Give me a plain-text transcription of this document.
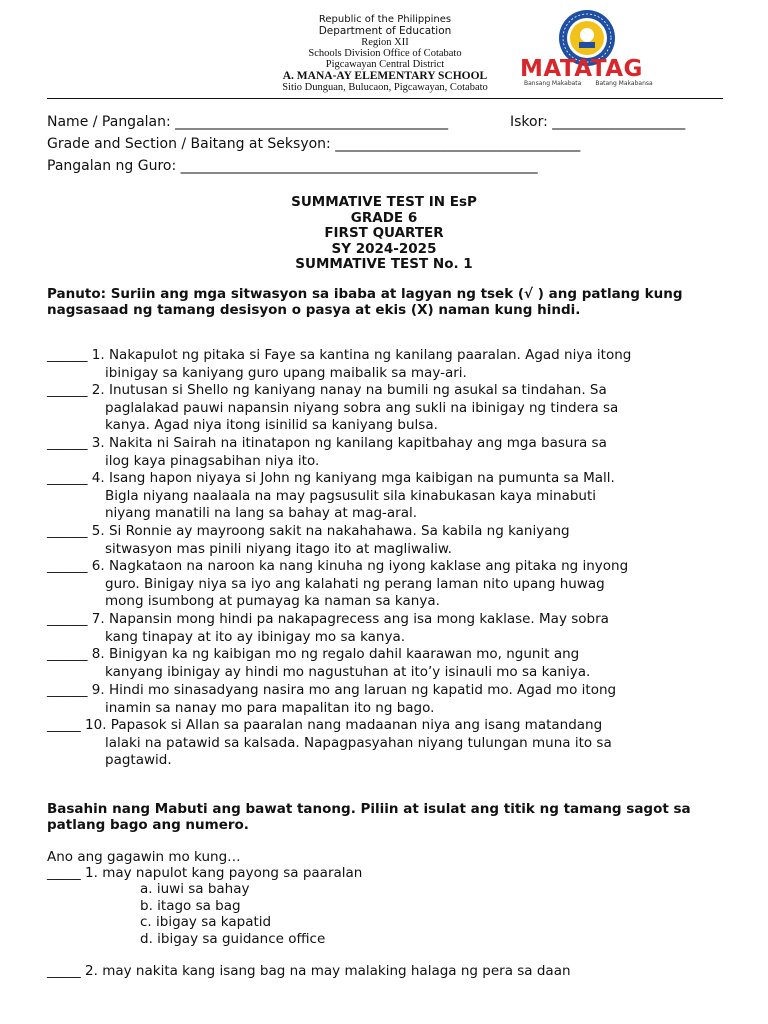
Republic of the Philippines
Department of Education
Region XII
Schools Division Office of Cotabato
Pigcawayan Central District
A. MANA-AY ELEMENTARY SCHOOL
Sitio Dunguan, Bulucaon, Pigcawayan, Cotabato
MATATAG
Bansang Makabata Batang Makabansa
Name / Pangalan: _______________________________________	Iskor: ___________________
Grade and Section / Baitang at Seksyon: ___________________________________
Pangalan ng Guro: ___________________________________________________
SUMMATIVE TEST IN EsP
GRADE 6
FIRST QUARTER
SY 2024-2025
SUMMATIVE TEST No. 1
Panuto: Suriin ang mga sitwasyon sa ibaba at lagyan ng tsek (√ ) ang patlang kung nagsasaad ng tamang desisyon o pasya at ekis (X) naman kung hindi.
______ 1. Nakapulot ng pitaka si Faye sa kantina ng kanilang paaralan. Agad niya itong
ibinigay sa kaniyang guro upang maibalik sa may-ari.
______ 2. Inutusan si Shello ng kaniyang nanay na bumili ng asukal sa tindahan. Sa
paglalakad pauwi napansin niyang sobra ang sukli na ibinigay ng tindera sa
kanya. Agad niya itong isinilid sa kaniyang bulsa.
______ 3. Nakita ni Sairah na itinatapon ng kanilang kapitbahay ang mga basura sa
ilog kaya pinagsabihan niya ito.
______ 4. Isang hapon niyaya si John ng kaniyang mga kaibigan na pumunta sa Mall.
Bigla niyang naalaala na may pagsusulit sila kinabukasan kaya minabuti
niyang manatili na lang sa bahay at mag-aral.
______ 5. Si Ronnie ay mayroong sakit na nakahahawa. Sa kabila ng kaniyang
sitwasyon mas pinili niyang itago ito at magliwaliw.
______ 6. Nagkataon na naroon ka nang kinuha ng iyong kaklase ang pitaka ng inyong
guro. Binigay niya sa iyo ang kalahati ng perang laman nito upang huwag
mong isumbong at pumayag ka naman sa kanya.
______ 7. Napansin mong hindi pa nakapagrecess ang isa mong kaklase. May sobra
kang tinapay at ito ay ibinigay mo sa kanya.
______ 8. Binigyan ka ng kaibigan mo ng regalo dahil kaarawan mo, ngunit ang
kanyang ibinigay ay hindi mo nagustuhan at ito’y isinauli mo sa kaniya.
______ 9. Hindi mo sinasadyang nasira mo ang laruan ng kapatid mo. Agad mo itong
inamin sa nanay mo para mapalitan ito ng bago.
_____ 10. Papasok si Allan sa paaralan nang madaanan niya ang isang matandang
lalaki na patawid sa kalsada. Napagpasyahan niyang tulungan muna ito sa
pagtawid.
Basahin nang Mabuti ang bawat tanong. Piliin at isulat ang titik ng tamang sagot sa patlang bago ang numero.
Ano ang gagawin mo kung…
_____ 1. may napulot kang payong sa paaralan
a. iuwi sa bahay
b. itago sa bag
c. ibigay sa kapatid
d. ibigay sa guidance office
_____ 2. may nakita kang isang bag na may malaking halaga ng pera sa daan
